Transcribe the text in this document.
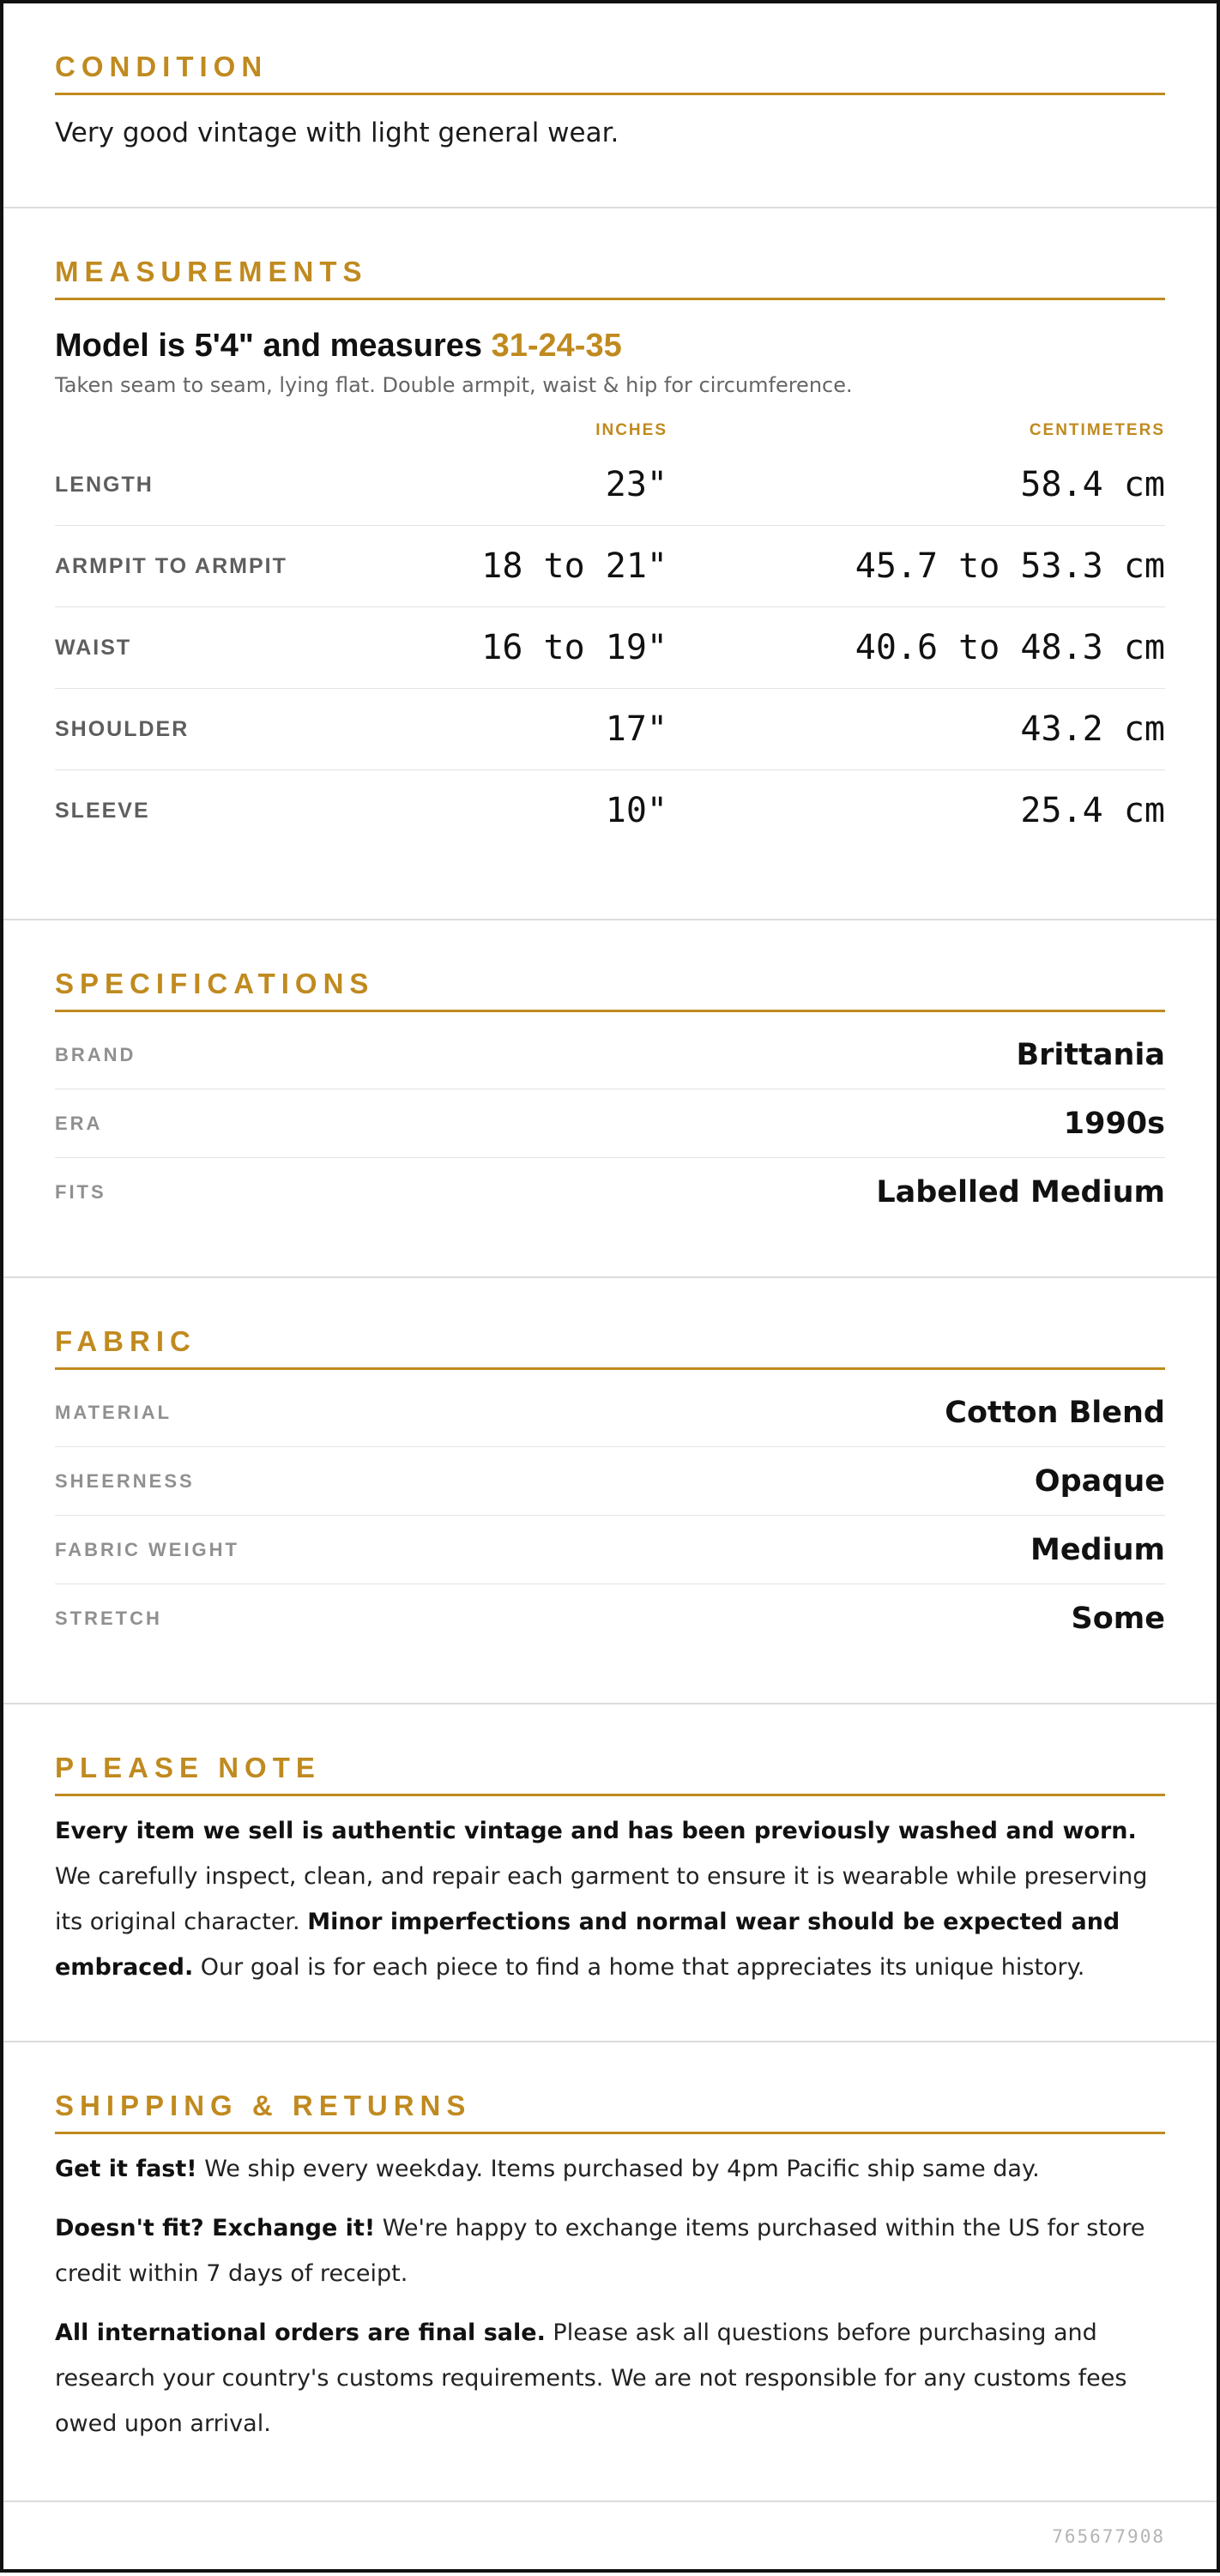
CONDITION

Very good vintage with light general wear.

MEASUREMENTS

Model is 5'4" and measures 31-24-35

Taken seam to seam, lying flat. Double armpit, waist & hip for circumference.

INCHES	CENTIMETERS
LENGTH	23"	58.4 cm
ARMPIT TO ARMPIT	18 to 21"	45.7 to 53.3 cm
WAIST	16 to 19"	40.6 to 48.3 cm
SHOULDER	17"	43.2 cm
SLEEVE	10"	25.4 cm
SPECIFICATIONS
BRAND	Brittania
ERA	1990s
FITS	Labelled Medium
FABRIC
MATERIAL	Cotton Blend
SHEERNESS	Opaque
FABRIC WEIGHT	Medium
STRETCH	Some
PLEASE NOTE

Every item we sell is authentic vintage and has been previously washed and worn. We carefully inspect, clean, and repair each garment to ensure it is wearable while preserving its original character. Minor imperfections and normal wear should be expected and embraced. Our goal is for each piece to find a home that appreciates its unique history.

SHIPPING & RETURNS

Get it fast! We ship every weekday. Items purchased by 4pm Pacific ship same day.

Doesn't fit? Exchange it! We're happy to exchange items purchased within the US for store credit within 7 days of receipt.

All international orders are final sale. Please ask all questions before purchasing and research your country's customs requirements. We are not responsible for any customs fees owed upon arrival.

765677908
